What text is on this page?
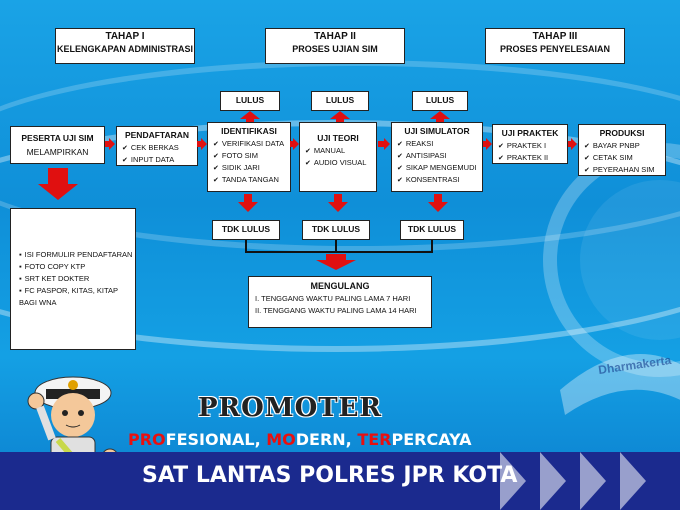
Dharmakerta
TAHAP I
KELENGKAPAN ADMINISTRASI
TAHAP II
PROSES UJIAN SIM
TAHAP III
PROSES PENYELESAIAN
LULUS	LULUS	LULUS
PESERTA UJI SIM
MELAMPIRKAN
PENDAFTARAN
✔ CEK BERKAS
✔ INPUT DATA
IDENTIFIKASI
✔ VERIFIKASI DATA
✔ FOTO SIM
✔ SIDIK JARI
✔ TANDA TANGAN
UJI TEORI
✔ MANUAL
✔ AUDIO VISUAL
UJI SIMULATOR
✔ REAKSI
✔ ANTISIPASI
✔ SIKAP MENGEMUDI
✔ KONSENTRASI
UJI PRAKTEK
✔ PRAKTEK I
✔ PRAKTEK II
PRODUKSI
✔ BAYAR PNBP
✔ CETAK SIM
✔ PEYERAHAN SIM
▪ ISI FORMULIR PENDAFTARAN
▪ FOTO COPY KTP
▪ SRT KET DOKTER
▪ FC PASPOR, KITAS, KITAP BAGI WNA
TDK LULUS	TDK LULUS	TDK LULUS
MENGULANG
I. TENGGANG WAKTU PALING LAMA 7 HARI
II. TENGGANG WAKTU PALING LAMA 14 HARI
PROMOTER
PROFESIONAL, MODERN, TERPERCAYA
SAT LANTAS POLRES JPR KOTA
